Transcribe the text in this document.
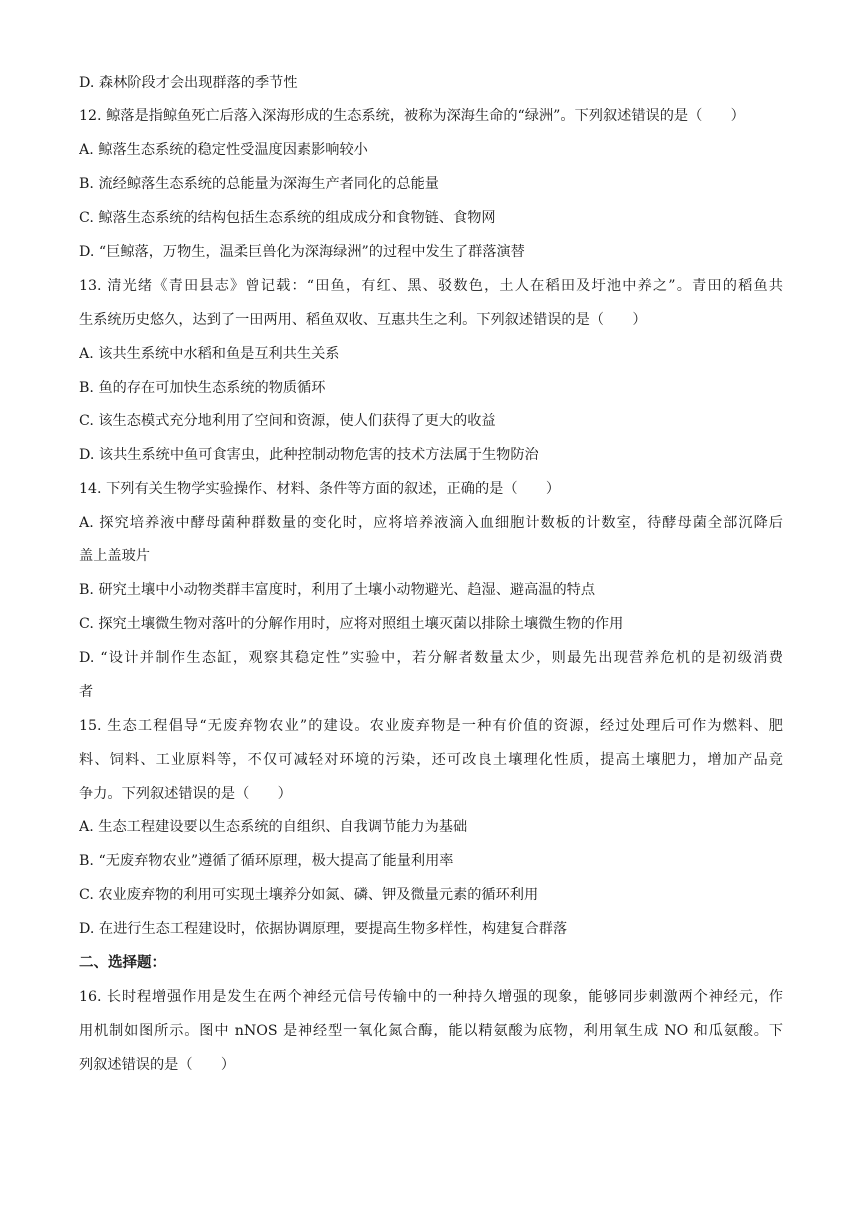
D. 森林阶段才会出现群落的季节性
12. 鲸落是指鲸鱼死亡后落入深海形成的生态系统，被称为深海生命的“绿洲”。下列叙述错误的是（　　）
A. 鲸落生态系统的稳定性受温度因素影响较小
B. 流经鲸落生态系统的总能量为深海生产者同化的总能量
C. 鲸落生态系统的结构包括生态系统的组成成分和食物链、食物网
D. “巨鲸落，万物生，温柔巨兽化为深海绿洲”的过程中发生了群落演替
13. 清光绪《青田县志》曾记载：“田鱼，有红、黑、驳数色，土人在稻田及圩池中养之”。青田的稻鱼共
生系统历史悠久，达到了一田两用、稻鱼双收、互惠共生之利。下列叙述错误的是（　　）
A. 该共生系统中水稻和鱼是互利共生关系
B. 鱼的存在可加快生态系统的物质循环
C. 该生态模式充分地利用了空间和资源，使人们获得了更大的收益
D. 该共生系统中鱼可食害虫，此种控制动物危害的技术方法属于生物防治
14. 下列有关生物学实验操作、材料、条件等方面的叙述，正确的是（　　）
A. 探究培养液中酵母菌种群数量的变化时，应将培养液滴入血细胞计数板的计数室，待酵母菌全部沉降后
盖上盖玻片
B. 研究土壤中小动物类群丰富度时，利用了土壤小动物避光、趋湿、避高温的特点
C. 探究土壤微生物对落叶的分解作用时，应将对照组土壤灭菌以排除土壤微生物的作用
D. “设计并制作生态缸，观察其稳定性”实验中，若分解者数量太少，则最先出现营养危机的是初级消费
者
15. 生态工程倡导“无废弃物农业”的建设。农业废弃物是一种有价值的资源，经过处理后可作为燃料、肥
料、饲料、工业原料等，不仅可减轻对环境的污染，还可改良土壤理化性质，提高土壤肥力，增加产品竞
争力。下列叙述错误的是（　　）
A. 生态工程建设要以生态系统的自组织、自我调节能力为基础
B. “无废弃物农业”遵循了循环原理，极大提高了能量利用率
C. 农业废弃物的利用可实现土壤养分如氮、磷、钾及微量元素的循环利用
D. 在进行生态工程建设时，依据协调原理，要提高生物多样性，构建复合群落
二、选择题：
16. 长时程增强作用是发生在两个神经元信号传输中的一种持久增强的现象，能够同步刺激两个神经元，作
用机制如图所示。图中 nNOS 是神经型一氧化氮合酶，能以精氨酸为底物，利用氧生成 NO 和瓜氨酸。下
列叙述错误的是（　　）
